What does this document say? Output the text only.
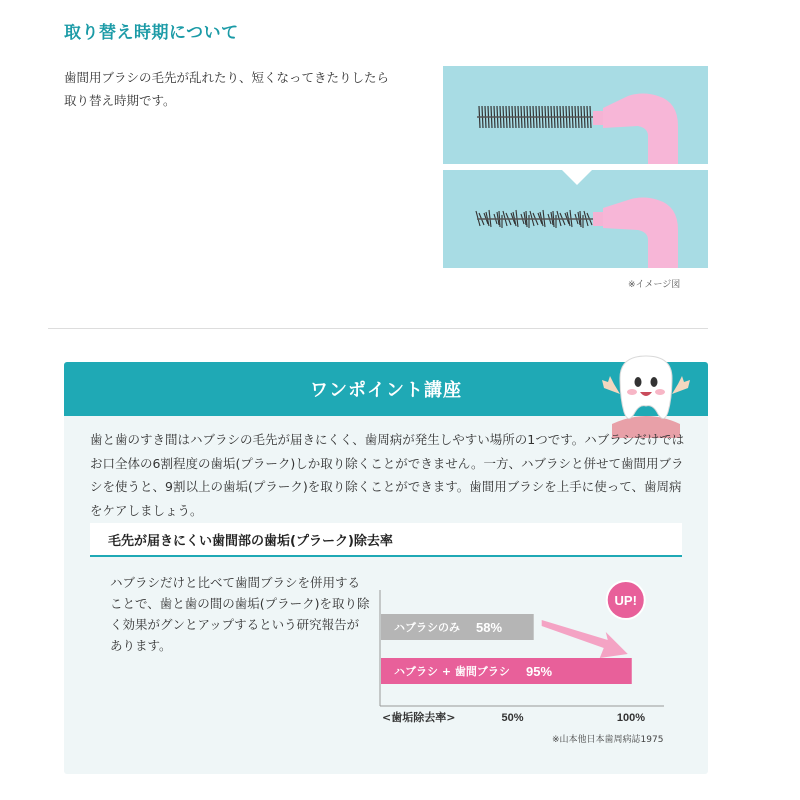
取り替え時期について
歯間用ブラシの毛先が乱れたり、短くなってきたりしたら取り替え時期です。
※イメージ図
ワンポイント講座
歯と歯のすき間はハブラシの毛先が届きにくく、歯周病が発生しやすい場所の1つです。ハブラシだけではお口全体の6割程度の歯垢(プラーク)しか取り除くことができません。一方、ハブラシと併せて歯間用ブラシを使うと、9割以上の歯垢(プラーク)を取り除くことができます。歯間用ブラシを上手に使って、歯周病をケアしましょう。
毛先が届きにくい歯間部の歯垢(プラーク)除去率
ハブラシだけと比べて歯間ブラシを併用することで、歯と歯の間の歯垢(プラーク)を取り除く効果がグンとアップするという研究報告があります。
ハブラシのみ 58%
ハブラシ + 歯間ブラシ 95%
UP!
<歯垢除去率>	50%	100%
※山本他日本歯周病誌1975
